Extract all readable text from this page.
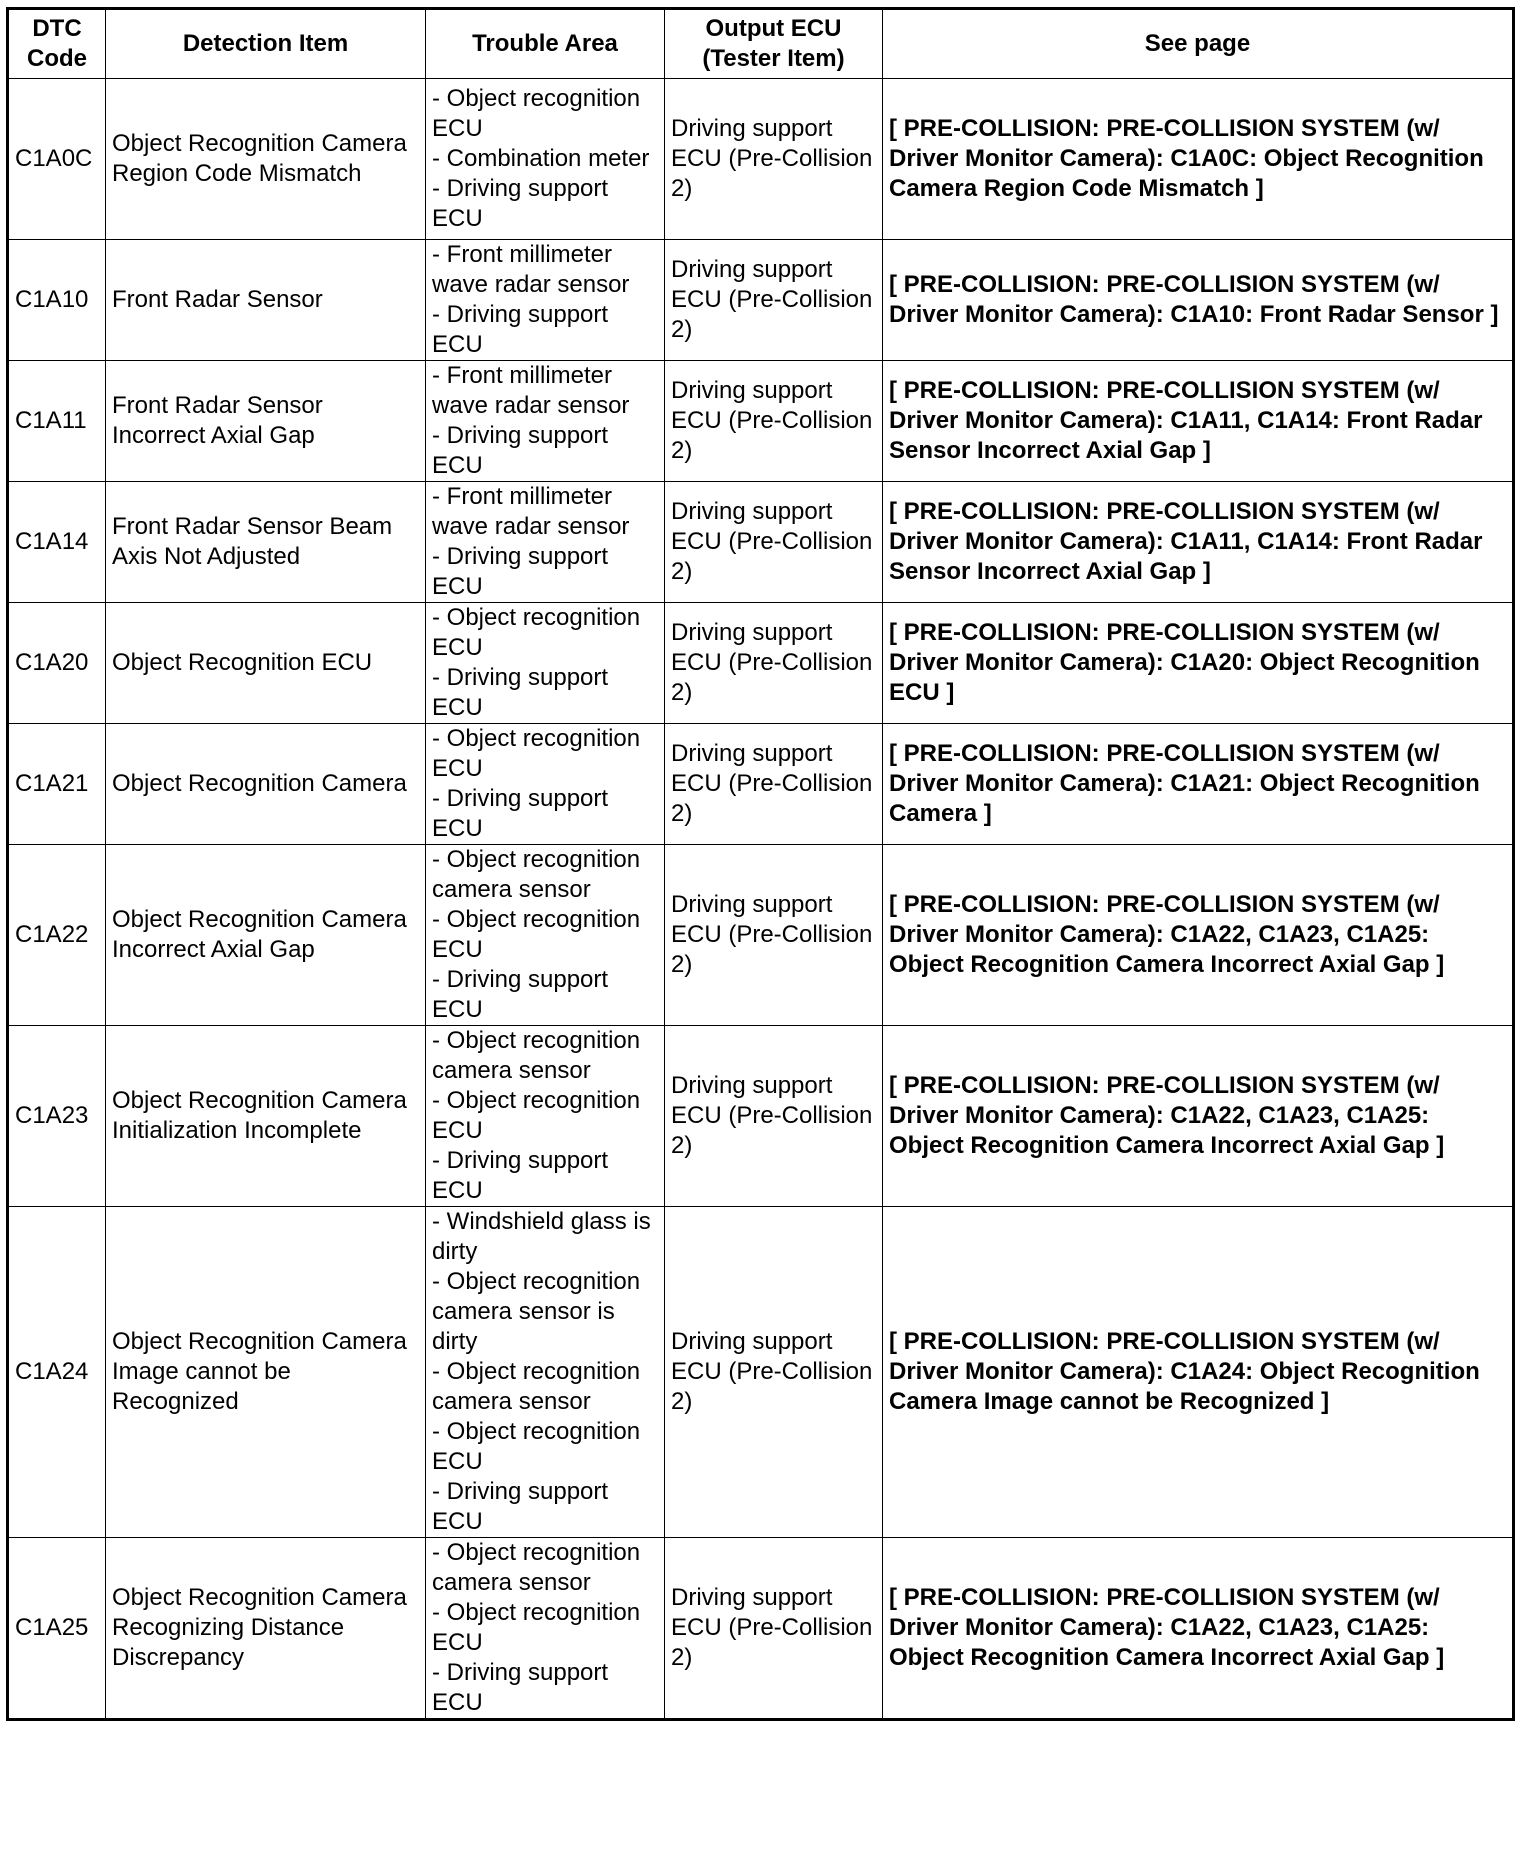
DTC Code	Detection Item	Trouble Area	Output ECU (Tester Item)	See page
C1A0C	Object Recognition Camera Region Code Mismatch	- Object recognition ECU
- Combination meter
- Driving support ECU	Driving support ECU (Pre-Collision 2)	[ PRE-COLLISION: PRE-COLLISION SYSTEM (w/ Driver Monitor Camera): C1A0C: Object Recognition Camera Region Code Mismatch ]
C1A10	Front Radar Sensor	- Front millimeter wave radar sensor
- Driving support ECU	Driving support ECU (Pre-Collision 2)	[ PRE-COLLISION: PRE-COLLISION SYSTEM (w/ Driver Monitor Camera): C1A10: Front Radar Sensor ]
C1A11	Front Radar Sensor Incorrect Axial Gap	- Front millimeter wave radar sensor
- Driving support ECU	Driving support ECU (Pre-Collision 2)	[ PRE-COLLISION: PRE-COLLISION SYSTEM (w/ Driver Monitor Camera): C1A11, C1A14: Front Radar Sensor Incorrect Axial Gap ]
C1A14	Front Radar Sensor Beam Axis Not Adjusted	- Front millimeter wave radar sensor
- Driving support ECU	Driving support ECU (Pre-Collision 2)	[ PRE-COLLISION: PRE-COLLISION SYSTEM (w/ Driver Monitor Camera): C1A11, C1A14: Front Radar Sensor Incorrect Axial Gap ]
C1A20	Object Recognition ECU	- Object recognition ECU
- Driving support ECU	Driving support ECU (Pre-Collision 2)	[ PRE-COLLISION: PRE-COLLISION SYSTEM (w/ Driver Monitor Camera): C1A20: Object Recognition ECU ]
C1A21	Object Recognition Camera	- Object recognition ECU
- Driving support ECU	Driving support ECU (Pre-Collision 2)	[ PRE-COLLISION: PRE-COLLISION SYSTEM (w/ Driver Monitor Camera): C1A21: Object Recognition Camera ]
C1A22	Object Recognition Camera Incorrect Axial Gap	- Object recognition camera sensor
- Object recognition ECU
- Driving support ECU	Driving support ECU (Pre-Collision 2)	[ PRE-COLLISION: PRE-COLLISION SYSTEM (w/ Driver Monitor Camera): C1A22, C1A23, C1A25: Object Recognition Camera Incorrect Axial Gap ]
C1A23	Object Recognition Camera Initialization Incomplete	- Object recognition camera sensor
- Object recognition ECU
- Driving support ECU	Driving support ECU (Pre-Collision 2)	[ PRE-COLLISION: PRE-COLLISION SYSTEM (w/ Driver Monitor Camera): C1A22, C1A23, C1A25: Object Recognition Camera Incorrect Axial Gap ]
C1A24	Object Recognition Camera Image cannot be Recognized	- Windshield glass is dirty
- Object recognition camera sensor is dirty
- Object recognition camera sensor
- Object recognition ECU
- Driving support ECU	Driving support ECU (Pre-Collision 2)	[ PRE-COLLISION: PRE-COLLISION SYSTEM (w/ Driver Monitor Camera): C1A24: Object Recognition Camera Image cannot be Recognized ]
C1A25	Object Recognition Camera Recognizing Distance Discrepancy	- Object recognition camera sensor
- Object recognition ECU
- Driving support ECU	Driving support ECU (Pre-Collision 2)	[ PRE-COLLISION: PRE-COLLISION SYSTEM (w/ Driver Monitor Camera): C1A22, C1A23, C1A25: Object Recognition Camera Incorrect Axial Gap ]
